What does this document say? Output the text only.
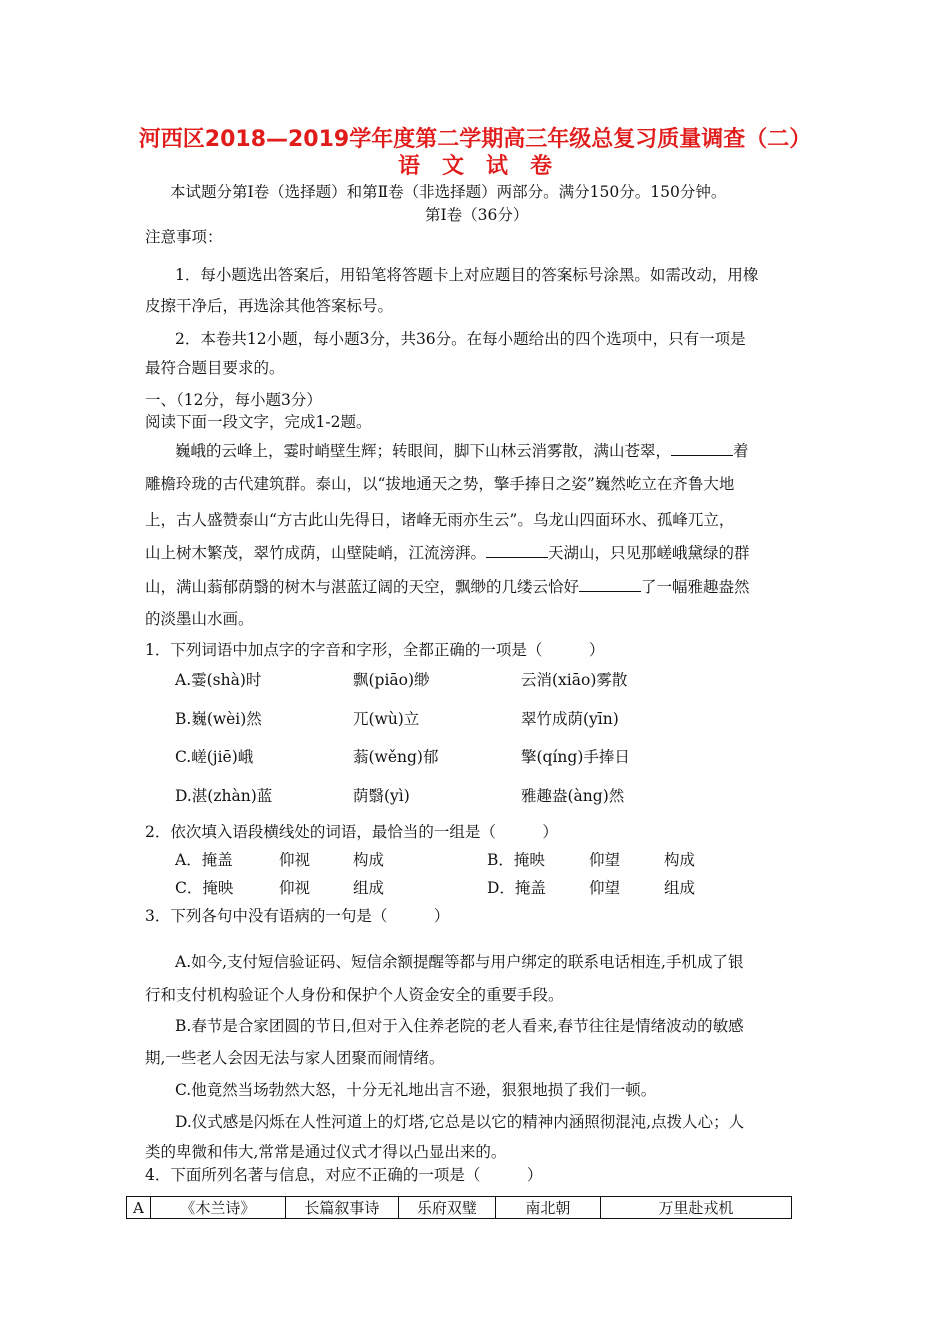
河西区2018—2019学年度第二学期高三年级总复习质量调查（二）
语　文　试　卷
本试题分第Ⅰ卷（选择题）和第Ⅱ卷（非选择题）两部分。满分150分。150分钟。
第Ⅰ卷（36分）
注意事项：
1．每小题选出答案后，用铅笔将答题卡上对应题目的答案标号涂黑。如需改动，用橡
皮擦干净后，再选涂其他答案标号。
2．本卷共12小题，每小题3分，共36分。在每小题给出的四个选项中，只有一项是
最符合题目要求的。
一、（12分，每小题3分）
阅读下面一段文字，完成1-2题。
巍峨的云峰上，霎时峭壁生辉；转眼间，脚下山林云消雾散，满山苍翠，	着
雕檐玲珑的古代建筑群。泰山，以“拔地通天之势，擎手捧日之姿”巍然屹立在齐鲁大地
上，古人盛赞泰山“方古此山先得日，诸峰无雨亦生云”。乌龙山四面环水、孤峰兀立，
山上树木繁茂，翠竹成荫，山壁陡峭，江流滂湃。	天湖山，只见那嵯峨黛绿的群
山，满山蓊郁荫翳的树木与湛蓝辽阔的天空，飘缈的几缕云恰好	了一幅雅趣盎然
的淡墨山水画。
1．下列词语中加点字的字音和字形，全都正确的一项是（　　　）
A.霎(shà)时	飘(piāo)缈	云消(xiāo)雾散
B.巍(wèi)然	兀(wù)立	翠竹成荫(yīn)
C.嵯(jiē)峨	蓊(wěng)郁	擎(qíng)手捧日
D.湛(zhàn)蓝	荫翳(yì)	雅趣盎(àng)然
2．依次填入语段横线处的词语，最恰当的一组是（　　　）
A．掩盖	仰视	构成	B．掩映	仰望	构成
C．掩映	仰视	组成	D．掩盖	仰望	组成
3．下列各句中没有语病的一句是（　　　）
A.如今,支付短信验证码、短信余额提醒等都与用户绑定的联系电话相连,手机成了银
行和支付机构验证个人身份和保护个人资金安全的重要手段。
B.春节是合家团圆的节日,但对于入住养老院的老人看来,春节往往是情绪波动的敏感
期,一些老人会因无法与家人团聚而闹情绪。
C.他竟然当场勃然大怒，十分无礼地出言不逊，狠狠地损了我们一顿。
D.仪式感是闪烁在人性河道上的灯塔,它总是以它的精神内涵照彻混沌,点拨人心；人
类的卑微和伟大,常常是通过仪式才得以凸显出来的。
4．下面所列名著与信息，对应不正确的一项是（　　　）
A	《木兰诗》	长篇叙事诗	乐府双璧	南北朝	万里赴戎机
